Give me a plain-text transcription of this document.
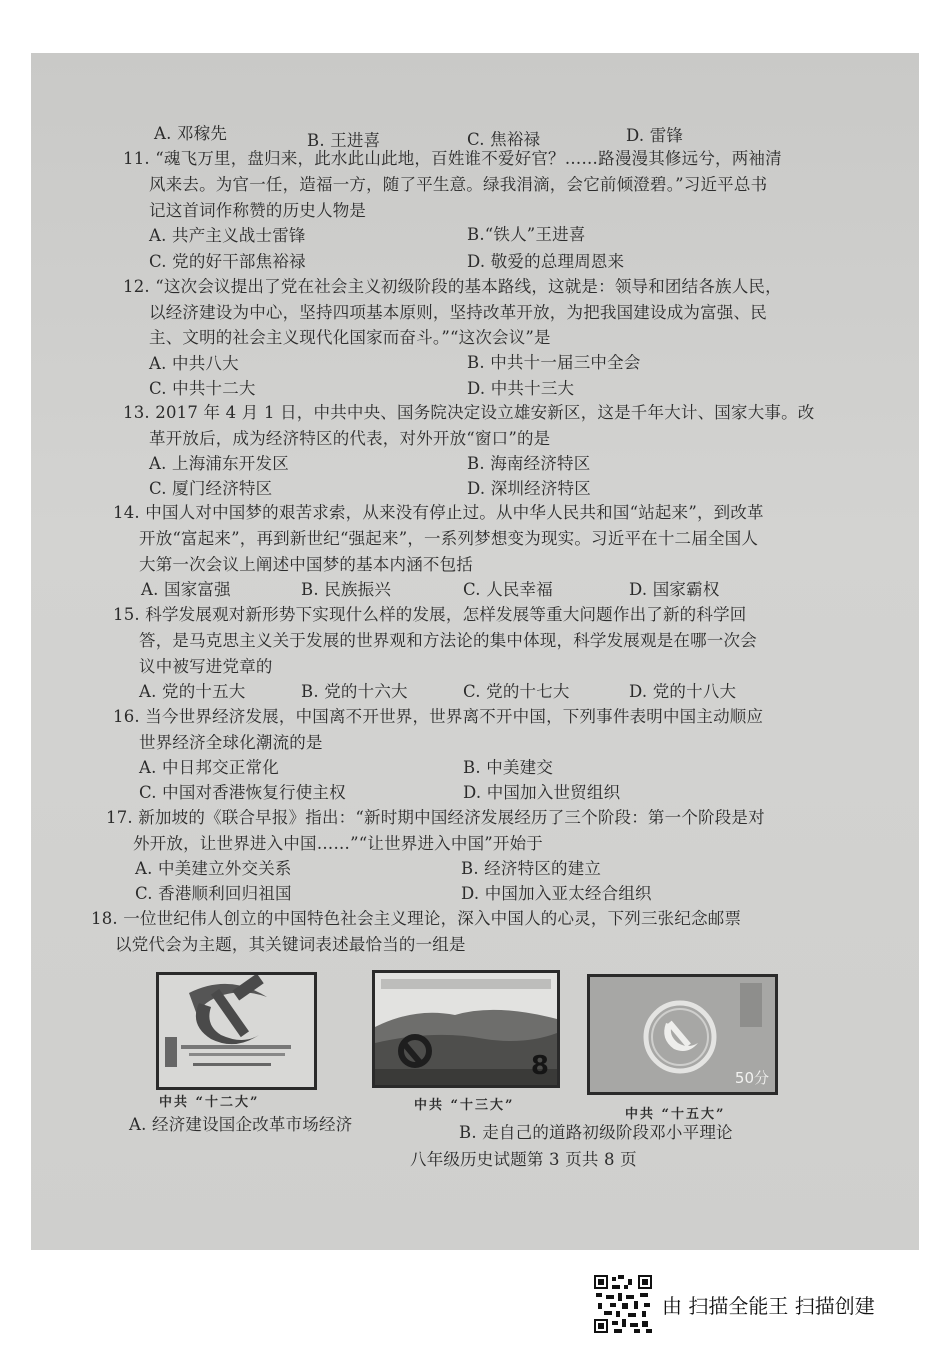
A. 邓稼先	B. 王进喜	C. 焦裕禄	D. 雷锋
11. “魂飞万里，盘归来，此水此山此地，百姓谁不爱好官？……路漫漫其修远兮，两袖清
风来去。为官一任，造福一方，随了平生意。绿我涓滴，会它前倾澄碧。”习近平总书
记这首词作称赞的历史人物是
A. 共产主义战士雷锋	B.“铁人”王进喜
C. 党的好干部焦裕禄	D. 敬爱的总理周恩来
12. “这次会议提出了党在社会主义初级阶段的基本路线，这就是：领导和团结各族人民，
以经济建设为中心，坚持四项基本原则，坚持改革开放，为把我国建设成为富强、民
主、文明的社会主义现代化国家而奋斗。”“这次会议”是
A. 中共八大	B. 中共十一届三中全会
C. 中共十二大	D. 中共十三大
13. 2017 年 4 月 1 日，中共中央、国务院决定设立雄安新区，这是千年大计、国家大事。改
革开放后，成为经济特区的代表，对外开放“窗口”的是
A. 上海浦东开发区	B. 海南经济特区
C. 厦门经济特区	D. 深圳经济特区
14. 中国人对中国梦的艰苦求索，从来没有停止过。从中华人民共和国“站起来”，到改革
开放“富起来”，再到新世纪“强起来”，一系列梦想变为现实。习近平在十二届全国人
大第一次会议上阐述中国梦的基本内涵不包括
A. 国家富强	B. 民族振兴	C. 人民幸福	D. 国家霸权
15. 科学发展观对新形势下实现什么样的发展，怎样发展等重大问题作出了新的科学回
答，是马克思主义关于发展的世界观和方法论的集中体现，科学发展观是在哪一次会
议中被写进党章的
A. 党的十五大	B. 党的十六大	C. 党的十七大	D. 党的十八大
16. 当今世界经济发展，中国离不开世界，世界离不开中国，下列事件表明中国主动顺应
世界经济全球化潮流的是
A. 中日邦交正常化	B. 中美建交
C. 中国对香港恢复行使主权	D. 中国加入世贸组织
17. 新加坡的《联合早报》指出：“新时期中国经济发展经历了三个阶段：第一个阶段是对
外开放，让世界进入中国……”“让世界进入中国”开始于
A. 中美建立外交关系	B. 经济特区的建立
C. 香港顺利回归祖国	D. 中国加入亚太经合组织
18. 一位世纪伟人创立的中国特色社会主义理论，深入中国人的心灵，下列三张纪念邮票
以党代会为主题，其关键词表述最恰当的一组是
中共 “十二大”	中共 “十三大”
中共 “十五大”
A. 经济建设国企改革市场经济	B. 走自己的道路初级阶段邓小平理论
八年级历史试题第 3 页共 8 页
8	50分
由 扫描全能王 扫描创建
